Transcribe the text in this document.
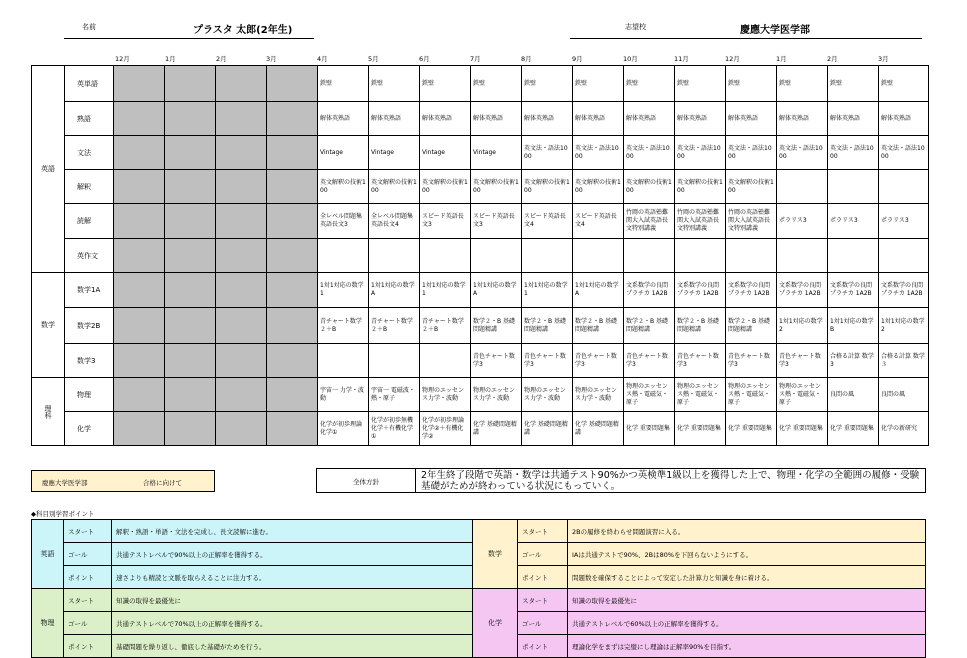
名前	プラスタ 太郎(2年生)	志望校	慶應大学医学部
12月	1月	2月	3月	4月	5月	6月	7月	8月	9月	10月	11月	12月	1月	2月	3月
英語	英単語					鉄壁	鉄壁	鉄壁	鉄壁	鉄壁	鉄壁	鉄壁	鉄壁	鉄壁	鉄壁	鉄壁	鉄壁
	熟語					解体英熟語	解体英熟語	解体英熟語	解体英熟語	解体英熟語	解体英熟語	解体英熟語	解体英熟語	解体英熟語	解体英熟語	解体英熟語	解体英熟語
	文法					Vintage	Vintage	Vintage	Vintage	英文法・語法1000	英文法・語法1000	英文法・語法1000	英文法・語法1000	英文法・語法1000	英文法・語法1000	英文法・語法1000	英文法・語法1000
	解釈					英文解釈の技術100	英文解釈の技術100	英文解釈の技術100	英文解釈の技術100	英文解釈の技術100	英文解釈の技術100	英文解釈の技術100	英文解釈の技術100	英文解釈の技術100			
	読解					全レベル問題集英語長文3	全レベル問題集英語長文4	スピード英語長文3	スピード英語長文3	スピード英語長文4	スピード英語長文4	竹岡の英語塾難関大入試英語長文特別講義	竹岡の英語塾難関大入試英語長文特別講義	竹岡の英語塾難関大入試英語長文特別講義	ポラリス3	ポラリス3	ポラリス3
	英作文																
数学	数学1A					1対1対応の数学1	1対1対応の数学A	1対1対応の数学1	1対1対応の数学A	1対1対応の数学1	1対1対応の数学A	文系数学の良問プラチカ 1A2B	文系数学の良問プラチカ 1A2B	文系数学の良問プラチカ 1A2B	文系数学の良問プラチカ 1A2B	文系数学の良問プラチカ 1A2B	文系数学の良問プラチカ 1A2B
	数学2B					青チャート数学２＋B	青チャート数学２＋B	青チャート数学２＋B	数学２・B 基礎問題精講	数学２・B 基礎問題精講	数学２・B 基礎問題精講	数学２・B 基礎問題精講	数学２・B 基礎問題精講	数学２・B 基礎問題精講	1対1対応の数学2	1対1対応の数学B	1対1対応の数学2
	数学3								青色チャート数学3	青色チャート数学3	青色チャート数学3	青色チャート数学3	青色チャート数学3	青色チャート数学3	青色チャート数学3	合格る計算 数学3	合格る計算 数学３
理科	物理					宇宙一 力学・波動	宇宙一 電磁波・熱・原子	物理のエッセンス力学・波動	物理のエッセンス力学・波動	物理のエッセンス力学・波動	物理のエッセンス力学・波動	物理のエッセンス熱・電磁気・原子	物理のエッセンス熱・電磁気・原子	物理のエッセンス熱・電磁気・原子	物理のエッセンス熱・電磁気・原子	良問の風	良問の風
	化学					化学が初歩理論化学①	化学が初歩無機化学＋有機化学①	化学が初歩理論化学②＋有機化学②	化学 基礎問題精講	化学 基礎問題精講	化学 基礎問題精講	化学 重要問題集	化学 重要問題集	化学 重要問題集	化学 重要問題集	化学 重要問題集	化学の新研究
慶應大学医学部	合格に向けて	全体方針
2年生終了段階で英語・数学は共通テスト90%かつ英検準1級以上を獲得した上で、物理・化学の全範囲の履修・受験基礎がためが終わっている状況にもっていく。
◆科目別学習ポイント
英語	スタート	解釈・熟語・単語・文法を完成し、長文読解に進む。
	ゴール	共通テストレベルで90%以上の正解率を獲得する。
	ポイント	速さよりも精読と文脈を取らえることに注力する。
物理	スタート	知識の取得を最優先に
	ゴール	共通テストレベルで70%以上の正解率を獲得する。
	ポイント	基礎問題を繰り返し、徹底した基礎がためを行う。
数学	スタート	2Bの履修を終わらせ問題演習に入る。
	ゴール	IAは共通テストで90%、2Bは80%を下回らないようにする。
	ポイント	問題数を確保することによって安定した計算力と知識を身に着ける。
化学	スタート	知識の取得を最優先に
	ゴール	共通テストレベルで60%以上の正解率を獲得する。
	ポイント	理論化学をまずは完璧にし理論は正解率90%を目指す。
